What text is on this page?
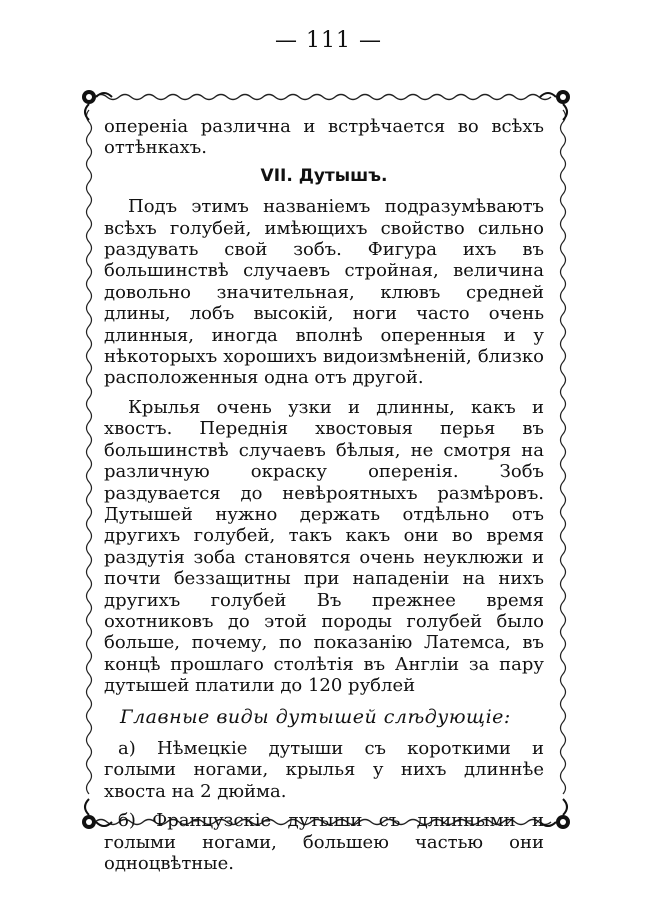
— 111 —

опереніа различна и встрѣчается во всѣхъ оттѣнкахъ.

VII. Дутышъ.

Подъ этимъ названіемъ подразумѣваютъ всѣхъ голубей, имѣющихъ свойство сильно раздувать свой зобъ. Фигура ихъ въ большинствѣ случаевъ стройная, величина довольно значительная, клювъ средней длины, лобъ высокій, ноги часто очень длинныя, иногда вполнѣ оперенныя и у нѣкоторыхъ хорошихъ видоизмѣненій, близко расположенныя одна отъ другой.

Крылья очень узки и длинны, какъ и хвостъ. Переднія хвостовыя перья въ большинствѣ случаевъ бѣлыя, не смотря на различную окраску оперенія. Зобъ раздувается до невѣроятныхъ размѣровъ. Дутышей нужно держать отдѣльно отъ другихъ голубей, такъ какъ они во время раздутія зоба становятся очень неуклюжи и почти беззащитны при нападеніи на нихъ другихъ голубей Въ прежнее время охотниковъ до этой породы голубей было больше, почему, по показанію Латемса, въ концѣ прошлаго столѣтія въ Англіи за пару дутышей платили до 120 рублей

Главные виды дутышей слѣдующіе:

а) Нѣмецкіе дутыши съ короткими и голыми ногами, крылья у нихъ длиннѣе хвоста на 2 дюйма.

б) Французскіе дутыши съ длинными и голыми ногами, большею частью они одноцвѣтные.
